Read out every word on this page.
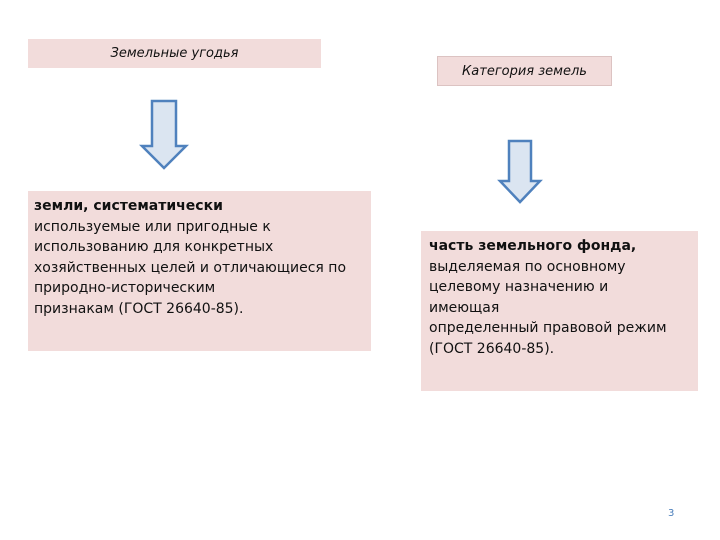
Земельные угодья
земли, систематически
используемые или пригодные к
использованию для конкретных
хозяйственных целей и отличающиеся по
природно-историческим
признакам (ГОСТ 26640-85).
Категория земель
часть земельного фонда,
выделяемая по основному
целевому назначению и
имеющая
определенный правовой режим
(ГОСТ 26640-85).
3
